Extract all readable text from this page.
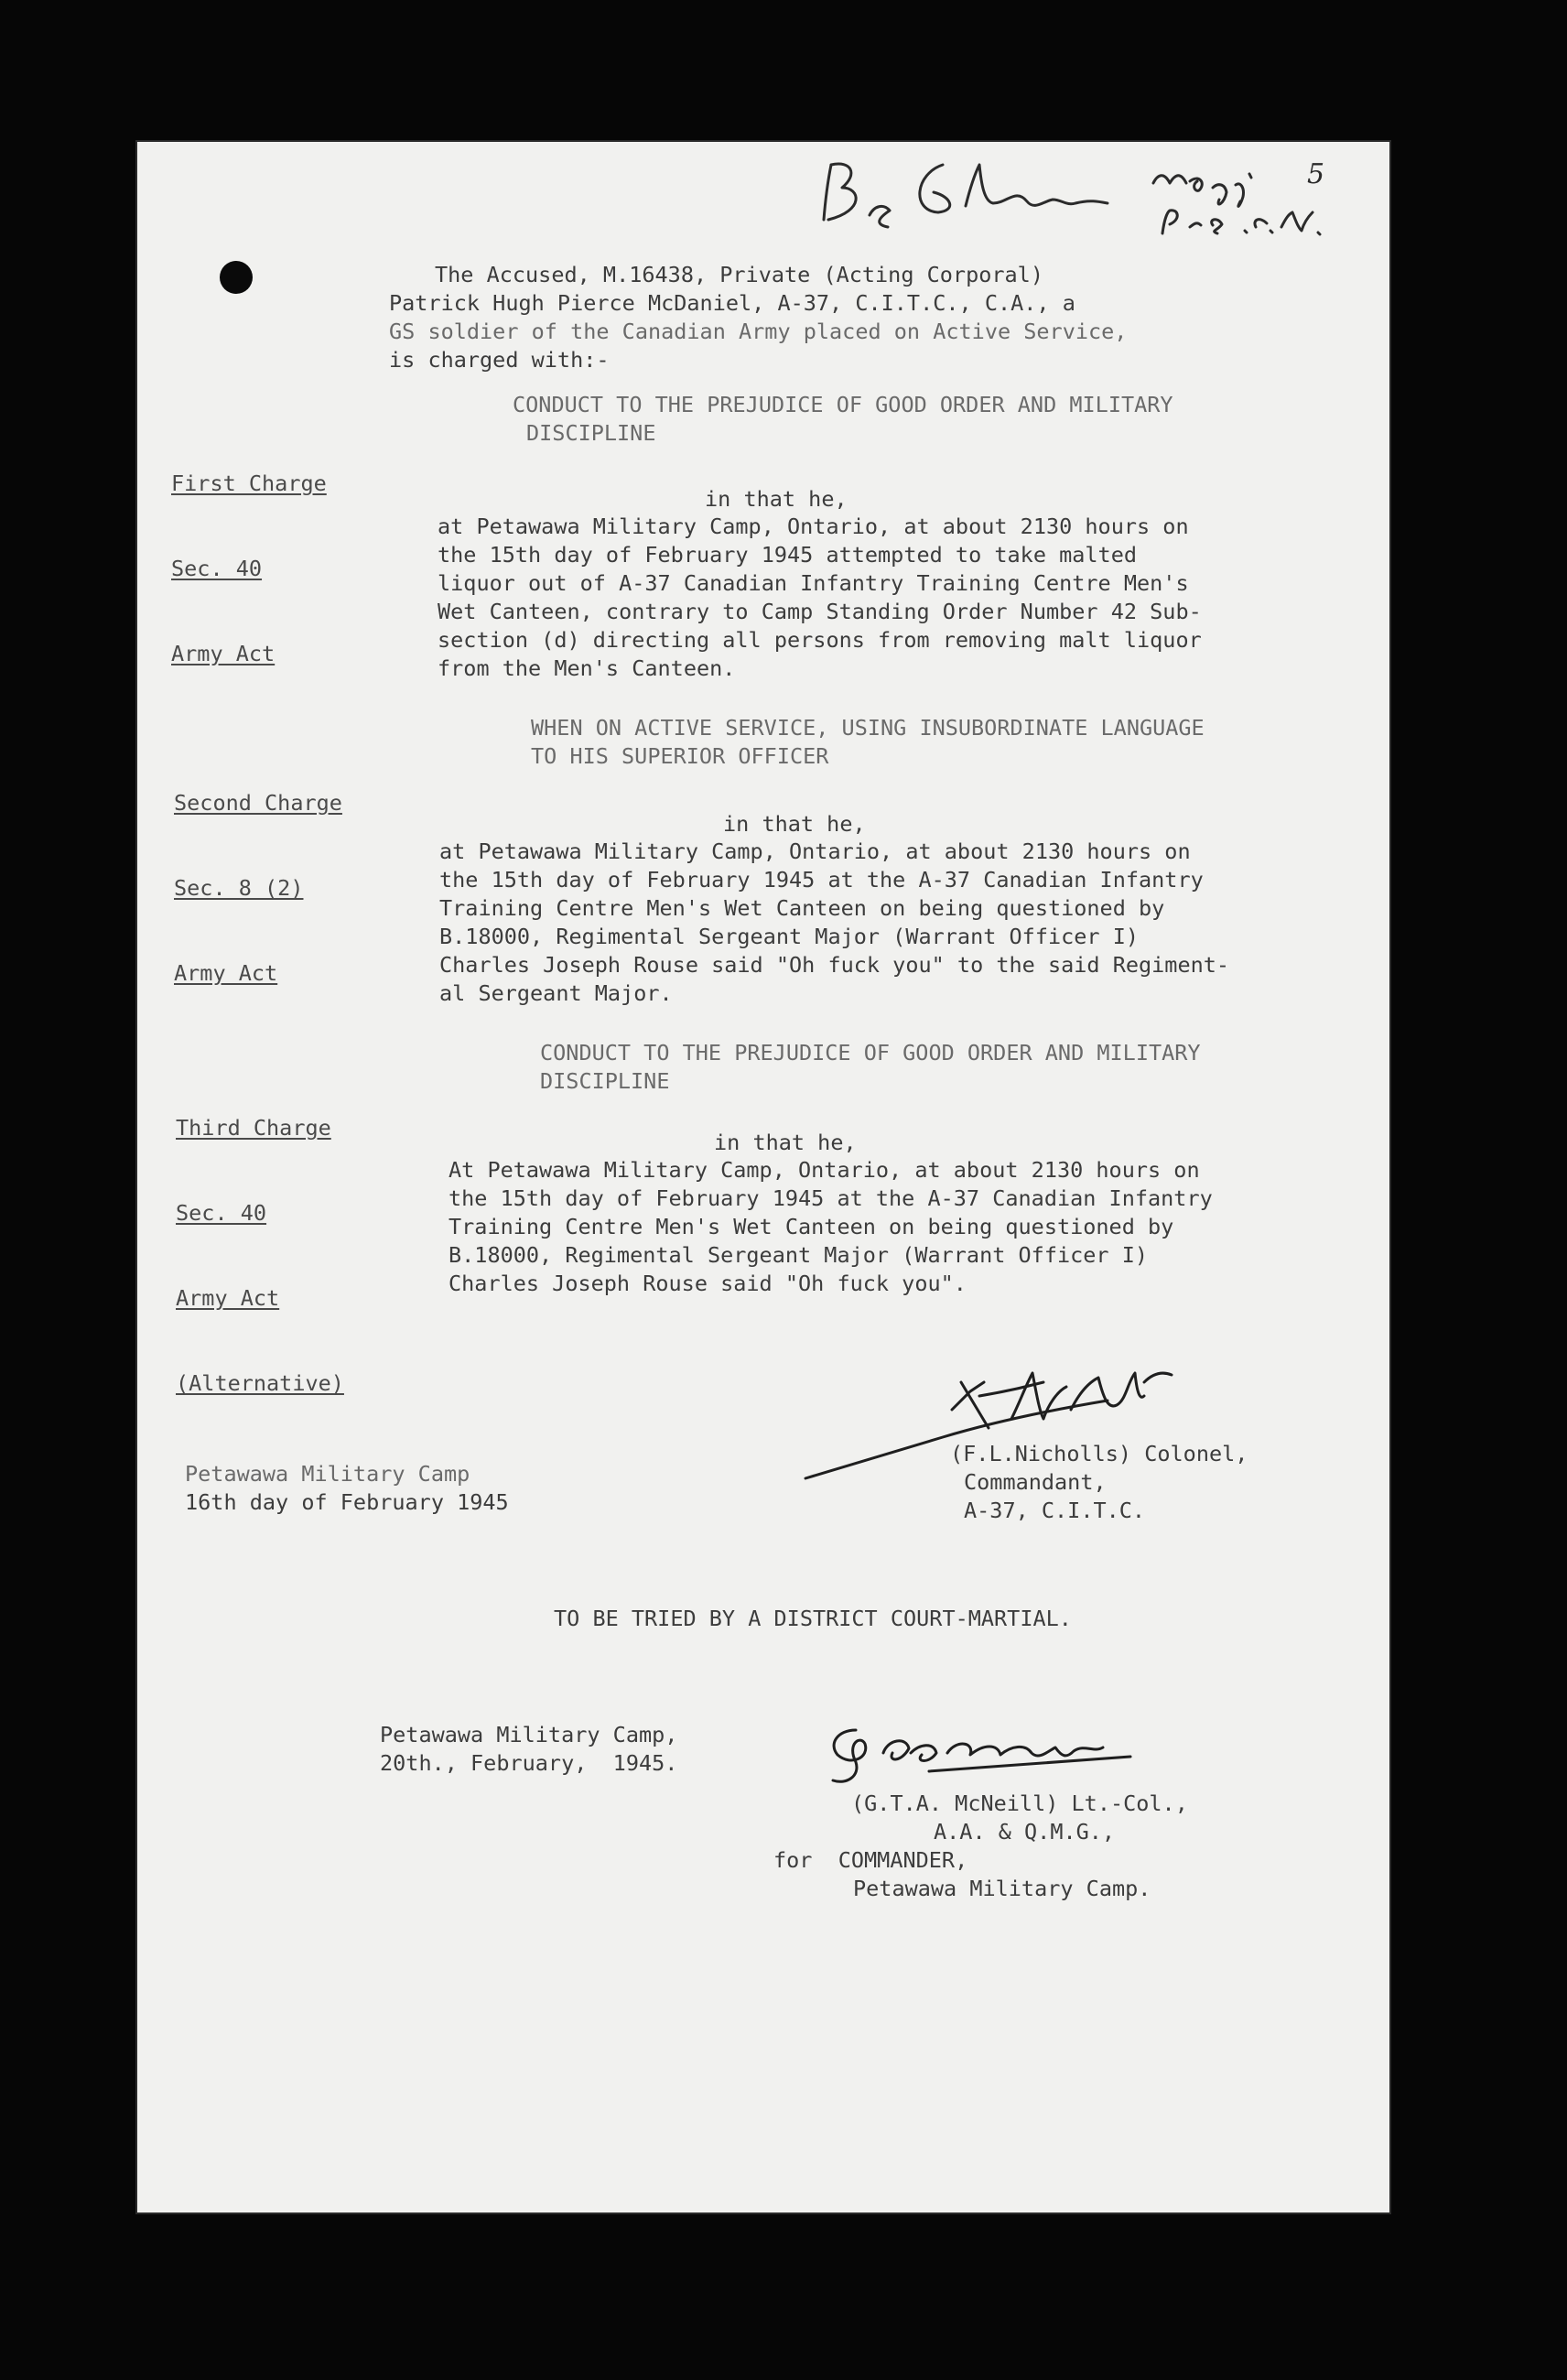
5

The Accused, M.16438, Private (Acting Corporal)

Patrick Hugh Pierce McDaniel, A-37, C.I.T.C., C.A., a

GS soldier of the Canadian Army placed on Active Service,

is charged with:-

First Charge

Sec. 40

Army Act

CONDUCT TO THE PREJUDICE OF GOOD ORDER AND MILITARY

DISCIPLINE

in that he,

at Petawawa Military Camp, Ontario, at about 2130 hours on

the 15th day of February 1945 attempted to take malted

liquor out of A-37 Canadian Infantry Training Centre Men's

Wet Canteen, contrary to Camp Standing Order Number 42 Sub-

section (d) directing all persons from removing malt liquor

from the Men's Canteen.

Second Charge

Sec. 8 (2)

Army Act

WHEN ON ACTIVE SERVICE, USING INSUBORDINATE LANGUAGE

TO HIS SUPERIOR OFFICER

in that he,

at Petawawa Military Camp, Ontario, at about 2130 hours on

the 15th day of February 1945 at the A-37 Canadian Infantry

Training Centre Men's Wet Canteen on being questioned by

B.18000, Regimental Sergeant Major (Warrant Officer I)

Charles Joseph Rouse said "Oh fuck you" to the said Regiment-

al Sergeant Major.

Third Charge

Sec. 40

Army Act

(Alternative)

CONDUCT TO THE PREJUDICE OF GOOD ORDER AND MILITARY

DISCIPLINE

in that he,

At Petawawa Military Camp, Ontario, at about 2130 hours on

the 15th day of February 1945 at the A-37 Canadian Infantry

Training Centre Men's Wet Canteen on being questioned by

B.18000, Regimental Sergeant Major (Warrant Officer I)

Charles Joseph Rouse said "Oh fuck you".

Petawawa Military Camp

16th day of February 1945

(F.L.Nicholls) Colonel,

Commandant,

A-37, C.I.T.C.

TO BE TRIED BY A DISTRICT COURT-MARTIAL.

Petawawa Military Camp,

20th., February,  1945.

(G.T.A. McNeill) Lt.-Col.,

A.A. & Q.M.G.,

for  COMMANDER,

Petawawa Military Camp.
